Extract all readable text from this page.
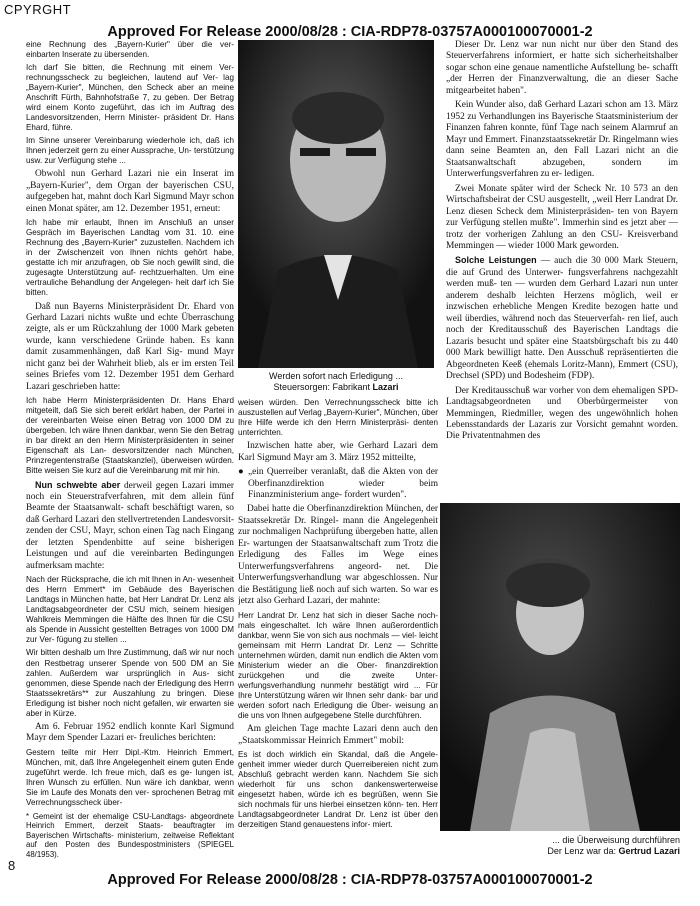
CPYRGHT
Approved For Release 2000/08/28 : CIA-RDP78-03757A000100070001-2

eine Rechnung des „Bayern-Kurier" über die ver- einbarten Inserate zu übersenden.

Ich darf Sie bitten, die Rechnung mit einem Ver- rechnungsscheck zu begleichen, lautend auf Ver- lag „Bayern-Kurier", München, den Scheck aber an meine Anschrift Fürth, Bahnhofstraße 7, zu geben. Der Betrag wird einem Konto zugeführt, das ich im Auftrag des Landesvorsitzenden, Herrn Minister- präsident Dr. Hans Ehard, führe.

Im Sinne unserer Vereinbarung wiederhole ich, daß ich Ihnen jederzeit gern zu einer Aussprache, Un- terstützung usw. zur Verfügung stehe ...

Obwohl nun Gerhard Lazari nie ein Inserat im „Bayern-Kurier", dem Organ der bayerischen CSU, aufgegeben hat, mahnt doch Karl Sigmund Mayr schon einen Monat später, am 12. Dezember 1951, erneut:

Ich habe mir erlaubt, Ihnen im Anschluß an unser Gespräch im Bayerischen Landtag vom 31. 10. eine Rechnung des „Bayern-Kurier" zuzustellen. Nachdem ich in der Zwischenzeit von Ihnen nichts gehört habe, gestatte ich mir anzufragen, ob Sie noch gewillt sind, die zugesagte Unterstützung auf- rechtzuerhalten. Um eine vertrauliche Behandlung der Angelegen- heit darf ich Sie bitten.

Daß nun Bayerns Ministerpräsident Dr. Ehard von Gerhard Lazari nichts wußte und echte Überraschung zeigte, als er um Rückzahlung der 1000 Mark gebeten wurde, kann verschiedene Gründe haben. Es kann damit zusammenhängen, daß Karl Sig- mund Mayr nicht ganz bei der Wahrheit blieb, als er im ersten Teil seines Briefes vom 12. Dezember 1951 dem Gerhard Lazari geschrieben hatte:

Ich habe Herrn Ministerpräsidenten Dr. Hans Ehard mitgeteilt, daß Sie sich bereit erklärt haben, der Partei in der vereinbarten Weise einen Betrag von 1000 DM zu übergeben. Ich wäre Ihnen dankbar, wenn Sie den Betrag in bar direkt an den Herrn Ministerpräsidenten in seiner Eigenschaft als Lan- desvorsitzender nach München, Prinzregentenstraße (Staatskanzlei), überweisen würden. Bitte weisen Sie kurz auf die Vereinbarung mit mir hin.

Nun schwebte aber derweil gegen Lazari immer noch ein Steuerstrafverfahren, mit dem allein fünf Beamte der Staatsanwalt- schaft beschäftigt waren, so daß Gerhard Lazari den stellvertretenden Landesvorsit- zenden der CSU, Mayr, schon einen Tag nach Eingang der letzten Spendenbitte auf seine bisherigen Leistungen und auf die vereinbarten Bedingungen aufmerksam machte:

Nach der Rücksprache, die ich mit Ihnen in An- wesenheit des Herrn Emmert* im Gebäude des Bayerischen Landtags in München hatte, bat Herr Landrat Dr. Lenz als Landtagsabgeordneter der CSU mich, seinem hiesigen Wahlkreis Memmingen die Hälfte des Ihnen für die CSU als Spende in Aussicht gestellten Betrages von 1000 DM zur Ver- fügung zu stellen ...

Wir bitten deshalb um Ihre Zustimmung, daß wir nur noch den Restbetrag unserer Spende von 500 DM an Sie zahlen. Außerdem war ursprünglich in Aus- sicht genommen, diese Spende nach der Erledigung des Herrn Staatssekretärs** zur Auszahlung zu bringen. Diese Erledigung ist bisher noch nicht gefallen, wir erwarten sie aber in Kürze.

Am 6. Februar 1952 endlich konnte Karl Sigmund Mayr dem Spender Lazari er- freuliches berichten:

Gestern teilte mir Herr Dipl.-Ktm. Heinrich Emmert, München, mit, daß Ihre Angelegenheit einem guten Ende zugeführt werde. Ich freue mich, daß es ge- lungen ist, Ihren Wunsch zu erfüllen. Nun wäre ich dankbar, wenn Sie im Laufe des Monats den ver- sprochenen Betrag mit Verrechnungsscheck über-

* Gemeint ist der ehemalige CSU-Landtags- abgeordnete Heinrich Emmert, derzeit Staats- beauftragter im Bayerischen Wirtschafts- ministerium, zeitweise Reflektant auf den Posten des Bundespostministers (SPIEGEL 48/1953).

Werden sofort nach Erledigung ...
Steuersorgen: Fabrikant Lazari

weisen würden. Den Verrechnungsscheck bitte ich auszustellen auf Verlag „Bayern-Kurier", München, über Ihre Hilfe werde ich den Herrn Ministerpräsi- denten unterrichten.

Inzwischen hatte aber, wie Gerhard Lazari dem Karl Sigmund Mayr am 3. März 1952 mitteilte,

● „ein Querreiber veranlaßt, daß die Akten von der Oberfinanzdirektion wieder beim Finanzministerium ange- fordert wurden".

Dabei hatte die Oberfinanzdirektion München, der Staatssekretär Dr. Ringel- mann die Angelegenheit zur nochmaligen Nachprüfung übergeben hatte, allen Er- wartungen der Staatsanwaltschaft zum Trotz die Erledigung des Falles im Wege eines Unterwerfungsverfahrens angeord- net. Die Unterwerfungsverhandlung war abgeschlossen. Nur die Bestätigung ließ noch auf sich warten. So war es jetzt also Gerhard Lazari, der mahnte:

Herr Landrat Dr. Lenz hat sich in dieser Sache noch- mals eingeschaltet. Ich wäre Ihnen außerordentlich dankbar, wenn Sie von sich aus nochmals — viel- leicht gemeinsam mit Herrn Landrat Dr. Lenz — Schritte unternehmen würden, damit nun endlich die Akten vom Ministerium wieder an die Ober- finanzdirektion zurückgehen und die zweite Unter- werfungsverhandlung nunmehr bestätigt wird ... Für Ihre Unterstützung wären wir Ihnen sehr dank- bar und werden sofort nach Erledigung die Über- weisung an die uns von Ihnen aufgegebene Stelle durchführen.

Am gleichen Tage machte Lazari denn auch den „Staatskommissar Heinrich Emmert" mobil:

Es ist doch wirklich ein Skandal, daß die Angele- genheit immer wieder durch Querreibereien nicht zum Abschluß gebracht werden kann. Nachdem Sie sich wiederholt für uns schon dankenswerterweise eingesetzt haben, würde ich es begrüßen, wenn Sie sich nochmals für uns hierbei einsetzen könn- ten. Herr Landtagsabgeordneter Landrat Dr. Lenz ist über den derzeitigen Stand genauestens infor- miert.

Dieser Dr. Lenz war nun nicht nur über den Stand des Steuerverfahrens informiert, er hatte sich sicherheitshalber sogar schon eine genaue namentliche Aufstellung be- schafft „der Herren der Finanzverwaltung, die an dieser Sache mitgearbeitet haben".

Kein Wunder also, daß Gerhard Lazari schon am 13. März 1952 zu Verhandlungen ins Bayerische Staatsministerium der Finanzen fahren konnte, fünf Tage nach seinem Alarmruf an Mayr und Emmert. Finanzstaatssekretär Dr. Ringelmann wies dann seine Beamten an, den Fall Lazari nicht an die Staatsanwaltschaft abzugeben, sondern im Unterwerfungsverfahren zu er- ledigen.

Zwei Monate später wird der Scheck Nr. 10 573 an den Wirtschaftsbeirat der CSU ausgestellt, „weil Herr Landrat Dr. Lenz diesen Scheck dem Ministerpräsiden- ten von Bayern zur Verfügung stellen mußte". Immerhin sind es jetzt aber — trotz der vorherigen Zahlung an den CSU- Kreisverband Memmingen — wieder 1000 Mark geworden.

Solche Leistungen — auch die 30 000 Mark Steuern, die auf Grund des Unterwer- fungsverfahrens nachgezahlt werden muß- ten — wurden dem Gerhard Lazari nun unter anderem deshalb leichten Herzens möglich, weil er inzwischen erhebliche Mengen Kredite bezogen hatte und weil überdies, während noch das Steuerverfah- ren lief, auch noch der Kreditausschuß des Bayerischen Landtags die Lazaris besucht und später eine Staatsbürgschaft bis zu 440 000 Mark bewilligt hatte. Den Ausschuß repräsentierten die Abgeordneten Keeß (ehemals Loritz-Mann), Emmert (CSU), Drechsel (SPD) und Bodesheim (FDP).

Der Kreditausschuß war vorher von dem ehemaligen SPD-Landtagsabgeordneten und Oberbürgermeister von Memmingen, Riedmiller, wegen des ungewöhnlich hohen Lebensstandards der Lazaris zur Vorsicht gemahnt worden. Die Privatentnahmen des

... die Überweisung durchführen
Der Lenz war da: Gertrud Lazari
8
Approved For Release 2000/08/28 : CIA-RDP78-03757A000100070001-2
